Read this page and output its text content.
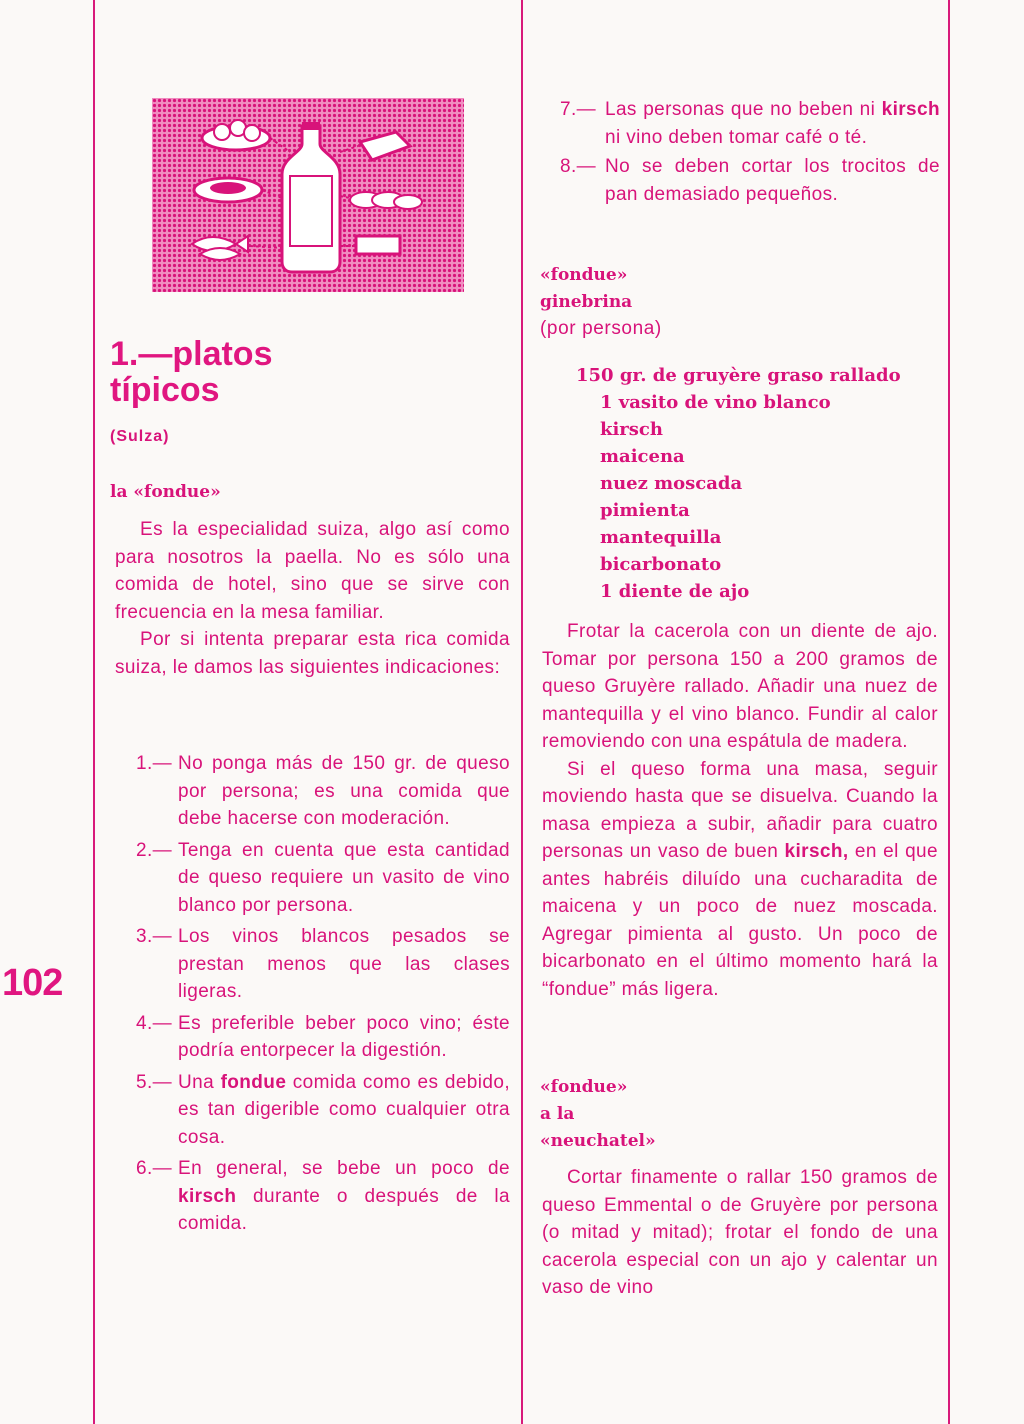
102
1.—platos
típicos
(Sulza)
la «fondue»

Es la especialidad suiza, algo así como para nosotros la paella. No es sólo una comida de hotel, sino que se sirve con frecuencia en la mesa familiar.

Por si intenta preparar esta rica comida suiza, le damos las siguientes indicaciones:

1.— No ponga más de 150 gr. de queso por persona; es una comida que debe hacerse con moderación.
2.— Tenga en cuenta que esta cantidad de queso requiere un vasito de vino blanco por persona.
3.— Los vinos blancos pesados se prestan menos que las clases ligeras.
4.— Es preferible beber poco vino; éste podría entorpecer la digestión.
5.— Una fondue comida como es debido, es tan digerible como cualquier otra cosa.
6.— En general, se bebe un poco de kirsch durante o después de la comida.
7.— Las personas que no beben ni kirsch ni vino deben tomar café o té.
8.— No se deben cortar los trocitos de pan demasiado pequeños.
«fondue»
ginebrina
(por persona)
150 gr. de gruyère graso rallado
1 vasito de vino blanco
kirsch
maicena
nuez moscada
pimienta
mantequilla
bicarbonato
1 diente de ajo

Frotar la cacerola con un diente de ajo. Tomar por persona 150 a 200 gramos de queso Gruyère rallado. Añadir una nuez de mantequilla y el vino blanco. Fundir al calor removiendo con una espátula de madera.

Si el queso forma una masa, seguir moviendo hasta que se disuelva. Cuando la masa empieza a subir, añadir para cuatro personas un vaso de buen kirsch, en el que antes habréis diluído una cucharadita de maicena y un poco de nuez moscada. Agregar pimienta al gusto. Un poco de bicarbonato en el último momento hará la “fondue” más ligera.

«fondue»
a la
«neuchatel»

Cortar finamente o rallar 150 gramos de queso Emmental o de Gruyère por persona (o mitad y mitad); frotar el fondo de una cacerola especial con un ajo y calentar un vaso de vino
